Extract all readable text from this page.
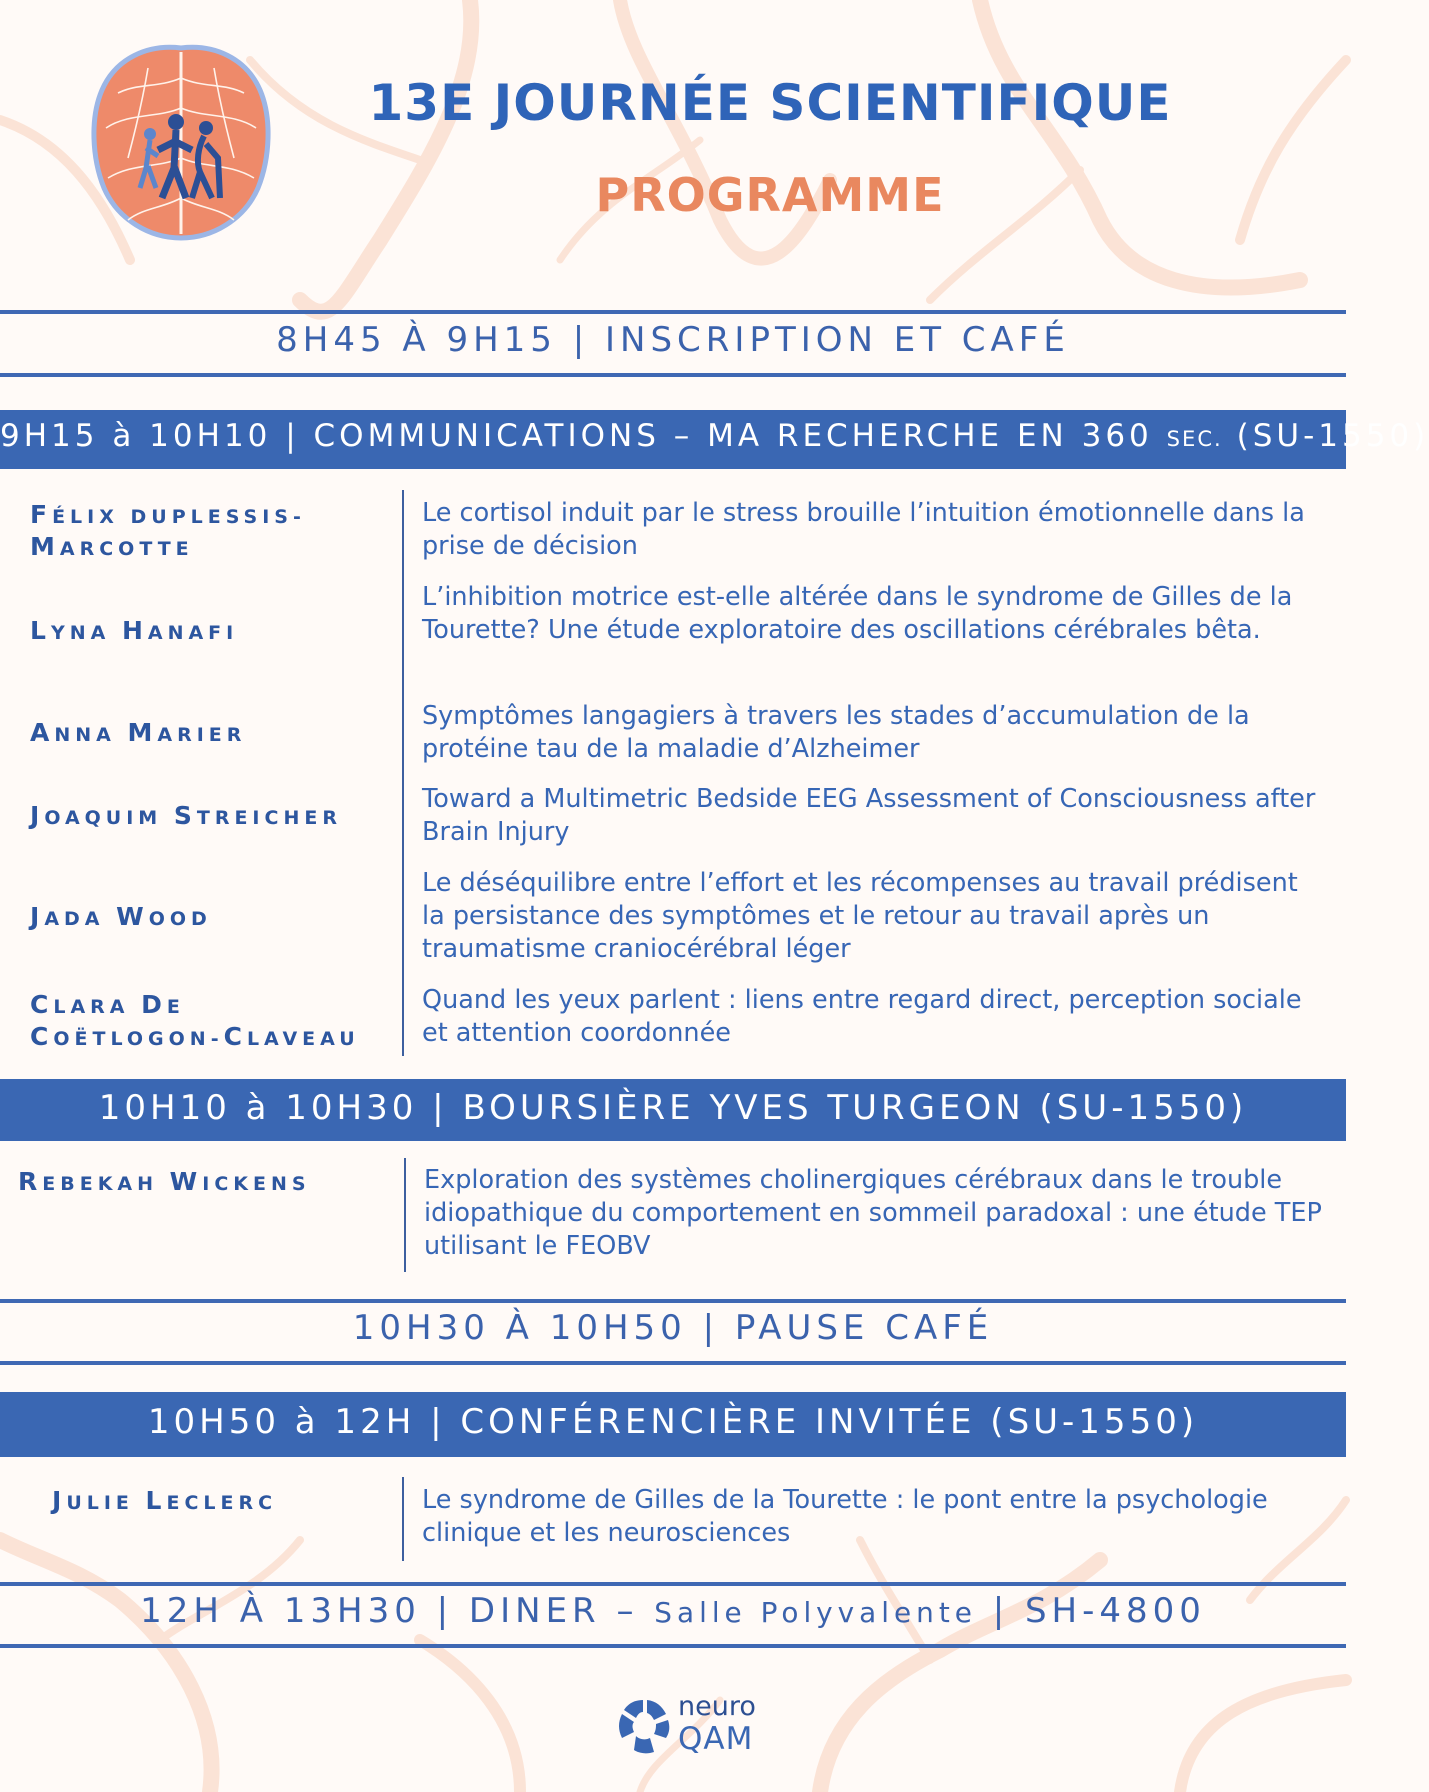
13E JOURNÉE SCIENTIFIQUE
PROGRAMME
8H45 À 9H15 | INSCRIPTION ET CAFÉ
9H15 à 10H10 | COMMUNICATIONS – MA RECHERCHE EN 360 SEC. (SU-1550)
FÉLIX DUPLESSIS-
MARCOTTE
Le cortisol induit par le stress brouille l’intuition émotionnelle dans la prise de décision
LYNA HANAFI
L’inhibition motrice est-elle altérée dans le syndrome de Gilles de la Tourette? Une étude exploratoire des oscillations cérébrales bêta.
ANNA MARIER
Symptômes langagiers à travers les stades d’accumulation de la protéine tau de la maladie d’Alzheimer
JOAQUIM STREICHER
Toward a Multimetric Bedside EEG Assessment of Consciousness after Brain Injury
JADA WOOD
Le déséquilibre entre l’effort et les récompenses au travail prédisent la persistance des symptômes et le retour au travail après un traumatisme craniocérébral léger
CLARA DE
COËTLOGON-CLAVEAU
Quand les yeux parlent : liens entre regard direct, perception sociale et attention coordonnée
10H10 à 10H30 | BOURSIÈRE YVES TURGEON (SU-1550)
REBEKAH WICKENS	Exploration des systèmes cholinergiques cérébraux dans le trouble idiopathique du comportement en sommeil paradoxal : une étude TEP utilisant le FEOBV
10H30 À 10H50 | PAUSE CAFÉ
10H50 à 12H | CONFÉRENCIÈRE INVITÉE (SU-1550)
JULIE LECLERC	Le syndrome de Gilles de la Tourette : le pont entre la psychologie clinique et les neurosciences
12H À 13H30 | DINER – Salle Polyvalente | SH-4800
neuro
QAM
